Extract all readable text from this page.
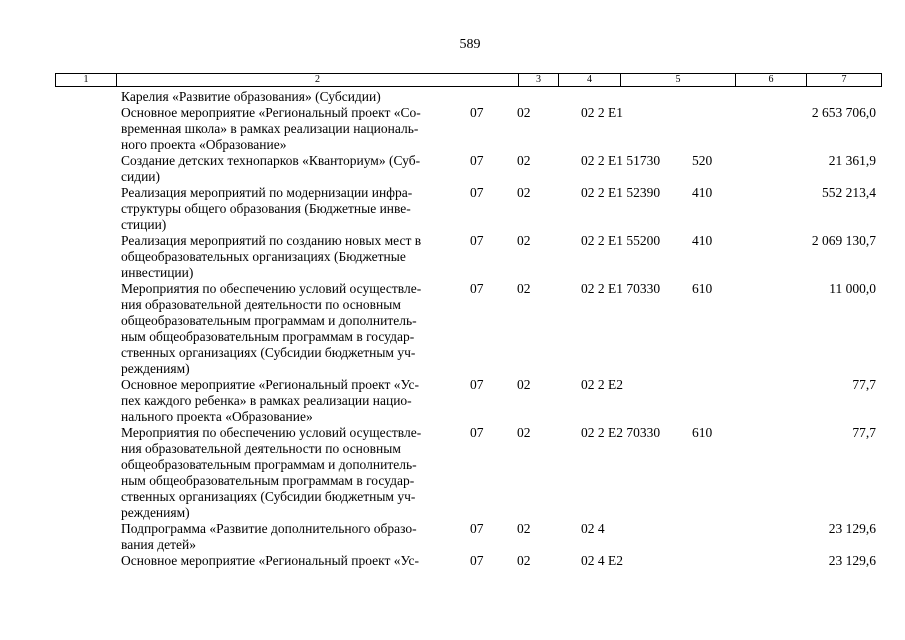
589
1	2	3	4	5	6	7
Карелия «Развитие образования» (Субсидии)
Основное мероприятие «Региональный проект «Со-
временная школа» в рамках реализации националь-
ного проекта «Образование»
07 02	02 2 E1	2 653 706,0
Создание детских технопарков «Кванториум» (Суб-
сидии)
07 02	02 2 E1 51730 520	21 361,9
Реализация мероприятий по модернизации инфра-
структуры общего образования (Бюджетные инве-
стиции)
07 02	02 2 E1 52390 410	552 213,4
Реализация мероприятий по созданию новых мест в
общеобразовательных организациях (Бюджетные
инвестиции)
07 02	02 2 E1 55200 410	2 069 130,7
Мероприятия по обеспечению условий осуществле-
ния образовательной деятельности по основным
общеобразовательным программам и дополнитель-
ным общеобразовательным программам в государ-
ственных организациях (Субсидии бюджетным уч-
реждениям)
07 02	02 2 E1 70330 610	11 000,0
Основное мероприятие «Региональный проект «Ус-
пех каждого ребенка» в рамках реализации нацио-
нального проекта «Образование»
07 02	02 2 E2	77,7
Мероприятия по обеспечению условий осуществле-
ния образовательной деятельности по основным
общеобразовательным программам и дополнитель-
ным общеобразовательным программам в государ-
ственных организациях (Субсидии бюджетным уч-
реждениям)
07 02	02 2 E2 70330 610	77,7
Подпрограмма «Развитие дополнительного образо-
вания детей»
07 02	02 4	23 129,6
Основное мероприятие «Региональный проект «Ус-	07 02	02 4 E2	23 129,6
